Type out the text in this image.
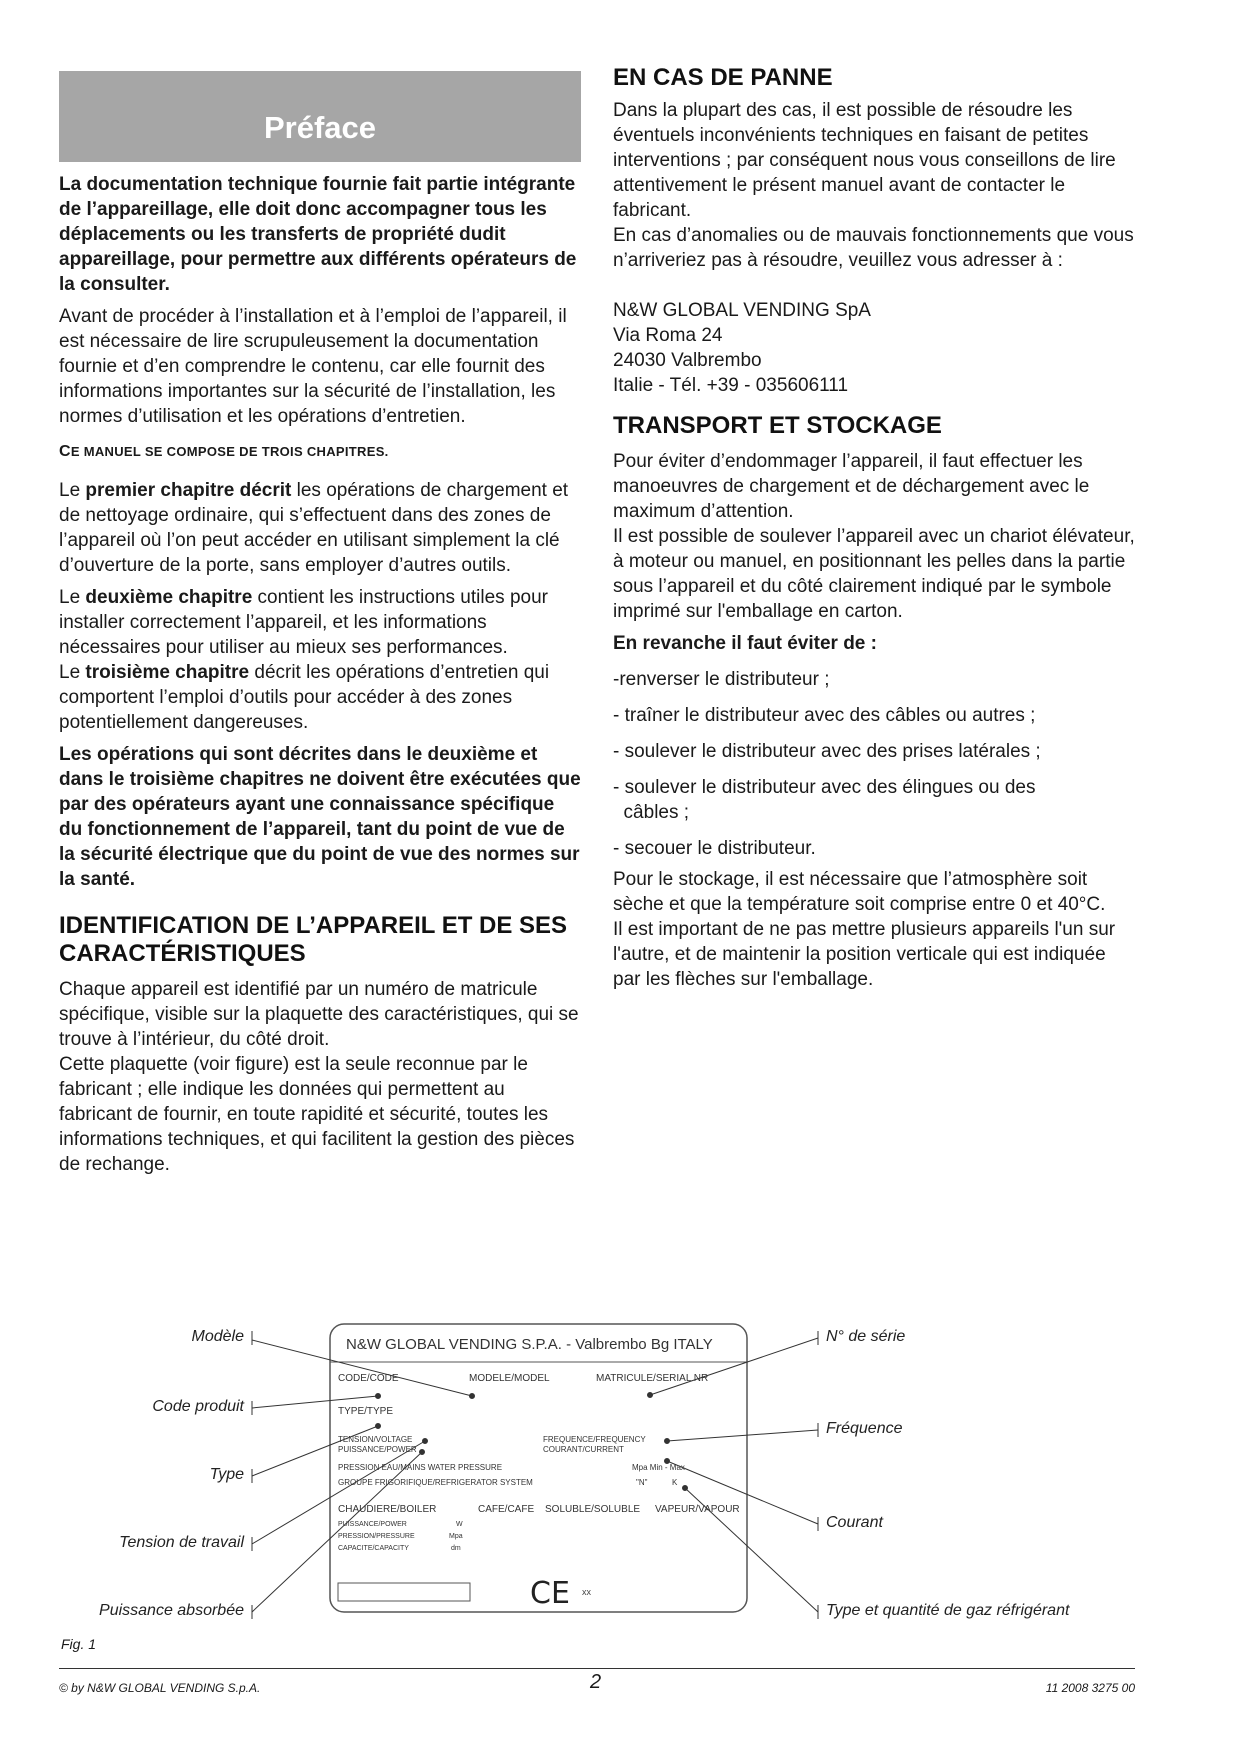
Préface

La documentation technique fournie fait partie intégrante de l’appareillage, elle doit donc accompagner tous les déplacements ou les transferts de propriété dudit appareillage, pour permettre aux différents opérateurs de la consulter.

Avant de procéder à l’installation et à l’emploi de l’appareil, il est nécessaire de lire scrupuleusement la documentation fournie et d’en comprendre le contenu, car elle fournit des informations importantes sur la sécurité de l’installation, les normes d’utilisation et les opérations d’entretien.

CE MANUEL SE COMPOSE DE TROIS CHAPITRES.

Le premier chapitre décrit les opérations de chargement et de nettoyage ordinaire, qui s’effectuent dans des zones de l’appareil où l’on peut accéder en utilisant simplement la clé d’ouverture de la porte, sans employer d’autres outils.

Le deuxième chapitre contient les instructions utiles pour installer correctement l’appareil, et les informations nécessaires pour utiliser au mieux ses performances.

Le troisième chapitre décrit les opérations d’entretien qui comportent l’emploi d’outils pour accéder à des zones potentiellement dangereuses.

Les opérations qui sont décrites dans le deuxième et dans le troisième chapitres ne doivent être exécutées que par des opérateurs ayant une connaissance spécifique du fonctionnement de l’appareil, tant du point de vue de la sécurité électrique que du point de vue des normes sur la santé.

IDENTIFICATION DE L’APPAREIL ET DE SES CARACTÉRISTIQUES

Chaque appareil est identifié par un numéro de matricule spécifique, visible sur la plaquette des caractéristiques, qui se trouve à l’intérieur, du côté droit.

Cette plaquette (voir figure) est la seule reconnue par le fabricant ; elle indique les données qui permettent au fabricant de fournir, en toute rapidité et sécurité, toutes les informations techniques, et qui facilitent la gestion des pièces de rechange.

EN CAS DE PANNE

Dans la plupart des cas, il est possible de résoudre les éventuels inconvénients techniques en faisant de petites interventions ; par conséquent nous vous conseillons de lire attentivement le présent manuel avant de contacter le fabricant.

En cas d’anomalies ou de mauvais fonctionnements que vous n’arriveriez pas à résoudre, veuillez vous adresser à :

N&W GLOBAL VENDING SpA
Via Roma 24
24030 Valbrembo
Italie - Tél. +39 - 035606111
TRANSPORT ET STOCKAGE

Pour éviter d’endommager l’appareil, il faut effectuer les manoeuvres de chargement et de déchargement avec le maximum d’attention.

Il est possible de soulever l’appareil avec un chariot élévateur, à moteur ou manuel, en positionnant les pelles dans la partie sous l’appareil et du côté clairement indiqué par le symbole imprimé sur l'emballage en carton.

En revanche il faut éviter de :

-renverser le distributeur ;
- traîner le distributeur avec des câbles ou autres ;
- soulever le distributeur avec des prises latérales ;
- soulever le distributeur avec des élingues ou des
câbles ;
- secouer le distributeur.

Pour le stockage, il est nécessaire que l’atmosphère soit sèche et que la température soit comprise entre 0 et 40°C.

Il est important de ne pas mettre plusieurs appareils l'un sur l'autre, et de maintenir la position verticale qui est indiquée par les flèches sur l'emballage.

Modèle
Code produit
Type
Tension de travail
Puissance absorbée
N° de série
Fréquence
Courant
Type et quantité de gaz réfrigérant
N&W GLOBAL VENDING S.P.A. - Valbrembo Bg ITALY
CODE/CODE	MODELE/MODEL	MATRICULE/SERIAL NR
TYPE/TYPE
TENSION/VOLTAGE
PUISSANCE/POWER
FREQUENCE/FREQUENCY
COURANT/CURRENT
PRESSION EAU/MAINS WATER PRESSURE	Mpa Min - Max
GROUPE FRIGORIFIQUE/REFRIGERATOR SYSTEM	"N"	K
CHAUDIERE/BOILER	CAFE/CAFE SOLUBLE/SOLUBLE VAPEUR/VAPOUR
PUISSANCE/POWER	W
PRESSION/PRESSURE	Mpa
CAPACITE/CAPACITY	dm
CE xx
Fig. 1
© by N&W GLOBAL VENDING S.p.A.	2	11 2008 3275 00
